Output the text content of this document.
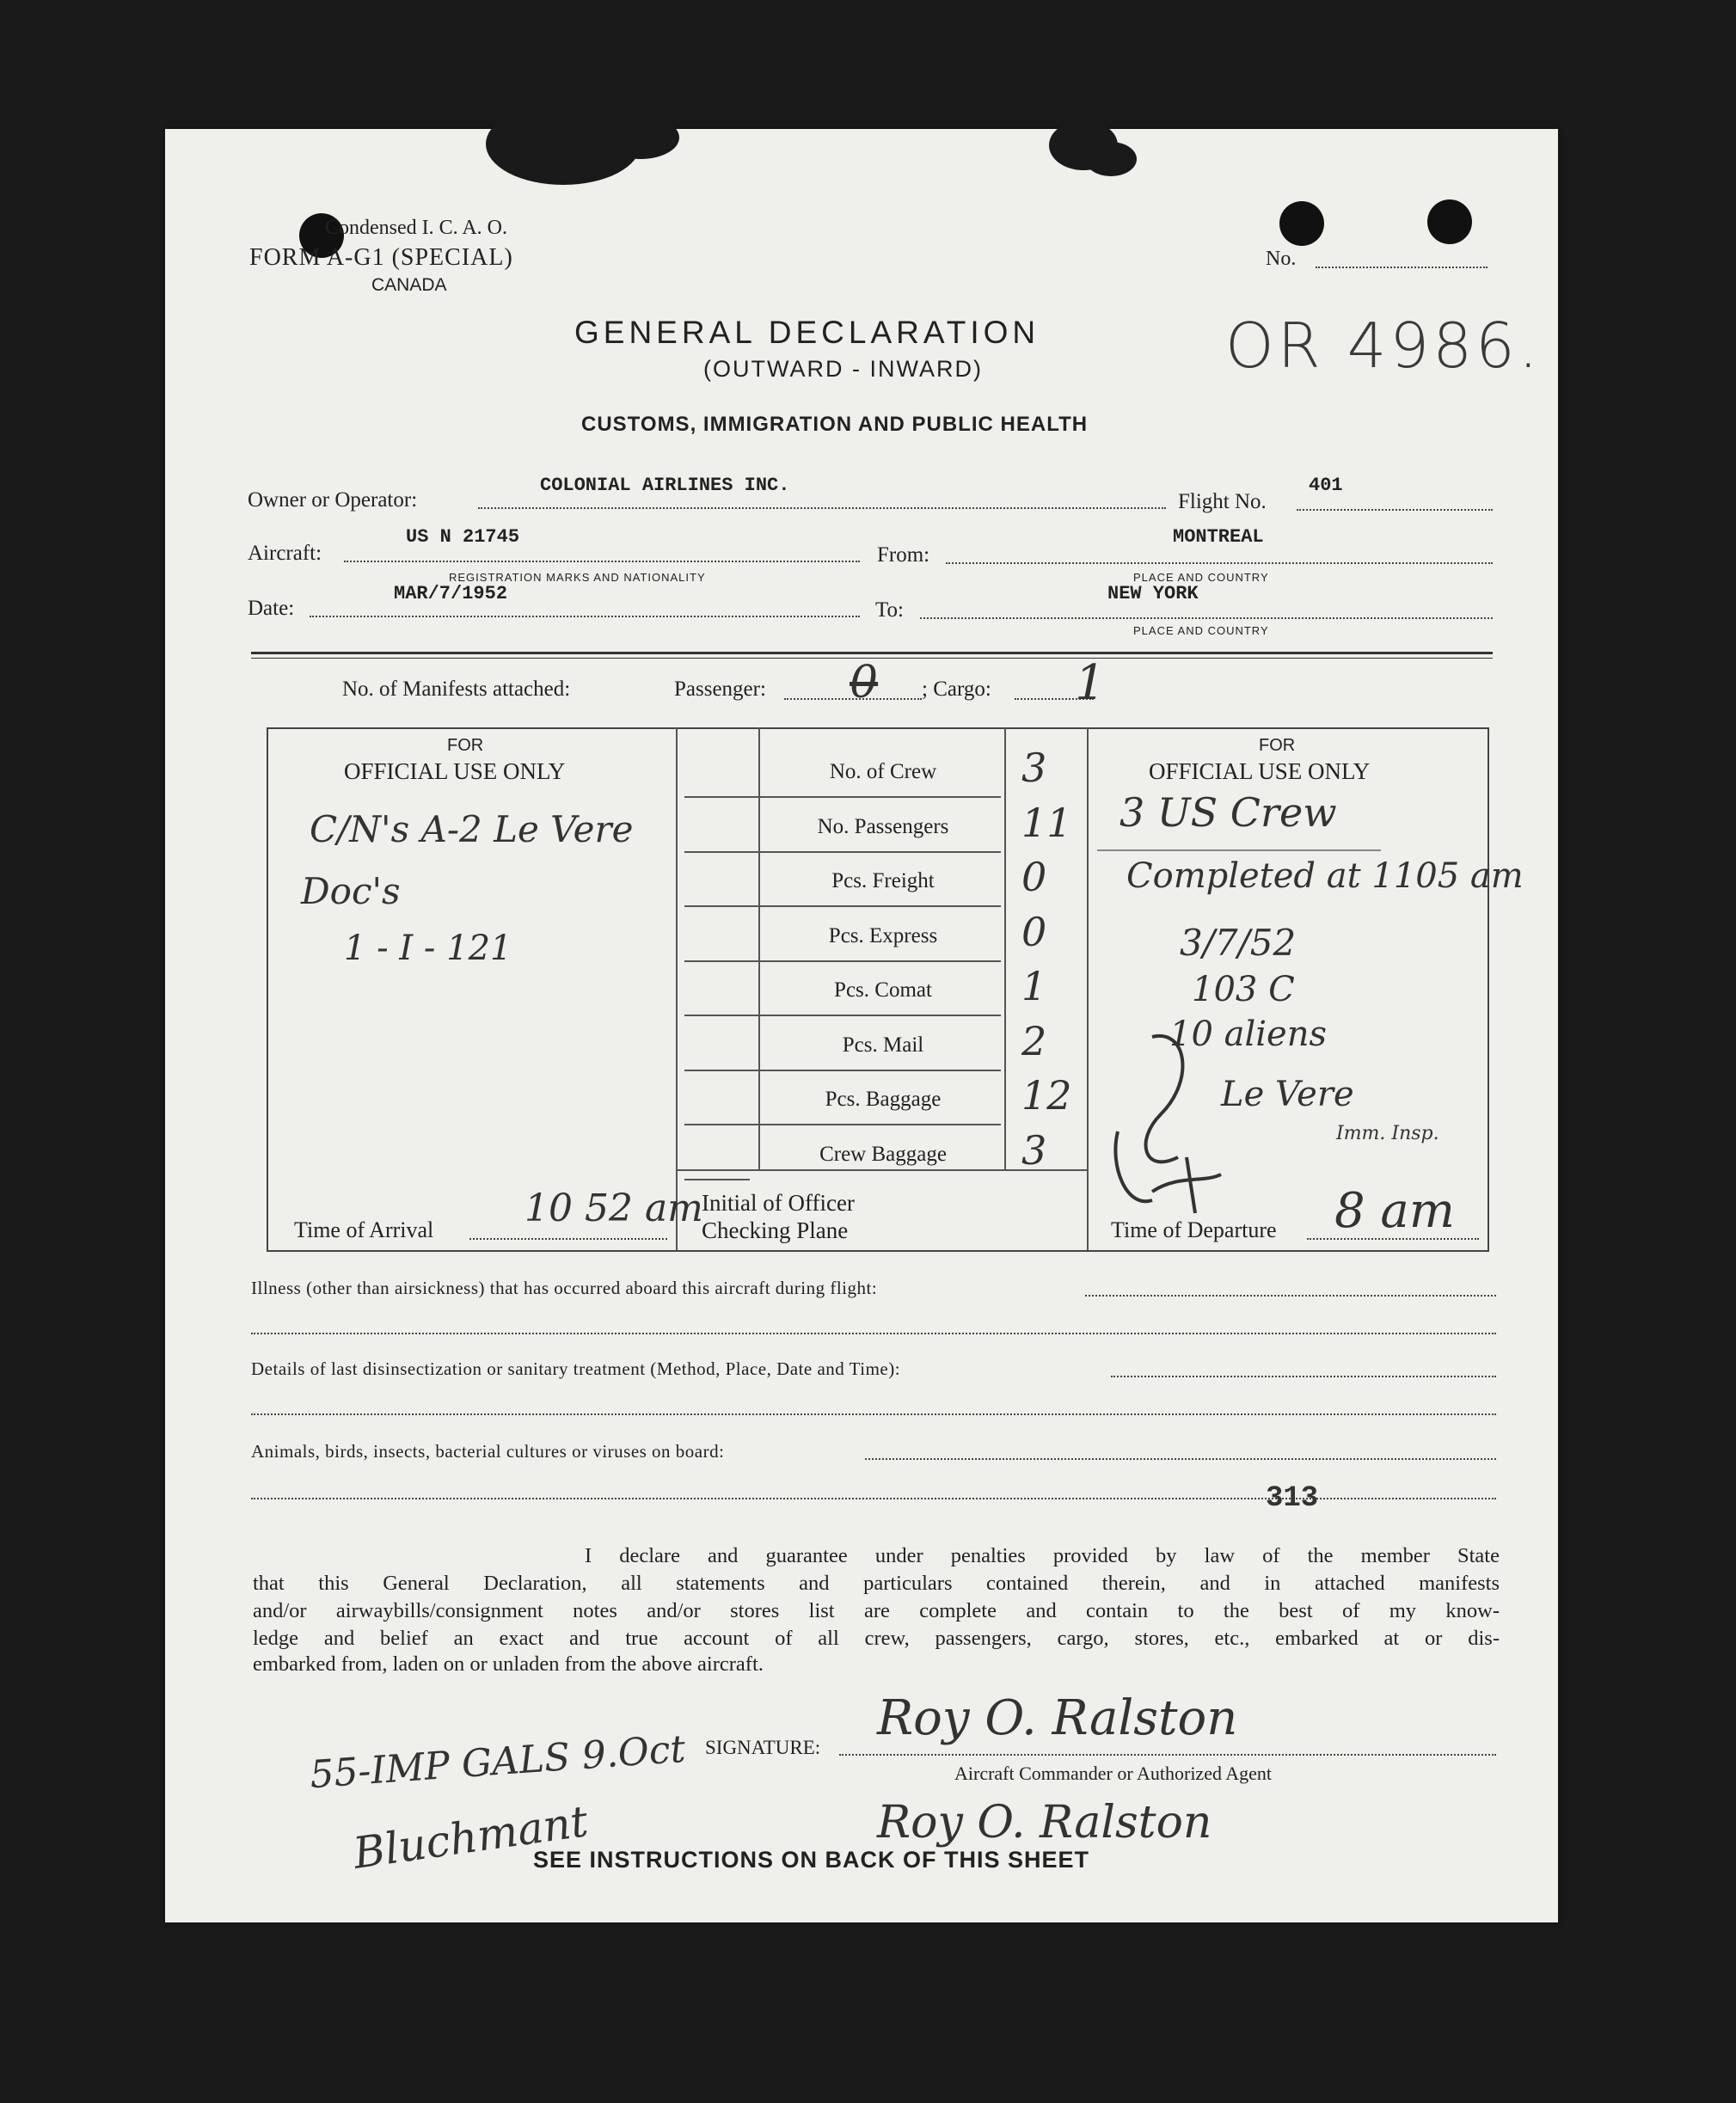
Condensed I. C. A. O.
FORM A-G1 (SPECIAL)
CANADA
No.
GENERAL DECLARATION
(OUTWARD - INWARD)	OR 4986.
CUSTOMS, IMMIGRATION AND PUBLIC HEALTH
Owner or Operator:
COLONIAL AIRLINES INC.
Flight No.
401
Aircraft:
US N 21745
REGISTRATION MARKS AND NATIONALITY
From:
MONTREAL
PLACE AND COUNTRY
Date:
MAR/7/1952
To:
NEW YORK
PLACE AND COUNTRY
No. of Manifests attached:	Passenger: 0 ; Cargo: 1
FOR
OFFICIAL USE ONLY
C/N's A-2 Le Vere
Doc's
1 - I - 121
Time of Arrival 10 52 am
No. of Crew	3
No. Passengers	11
Pcs. Freight	0
Pcs. Express	0
Pcs. Comat	1
Pcs. Mail	2
Pcs. Baggage	12
Crew Baggage	3
Initial of Officer
Checking Plane
FOR
OFFICIAL USE ONLY
3 US Crew
Completed at 1105 am
3/7/52
103 C
10 aliens
Le Vere
Imm. Insp.
Time of Departure 8 am
Illness (other than airsickness) that has occurred aboard this aircraft during flight:
Details of last disinsectization or sanitary treatment (Method, Place, Date and Time):
Animals, birds, insects, bacterial cultures or viruses on board:
313
I declare and guarantee under penalties provided by law of the member State
that this General Declaration, all statements and particulars contained therein, and in attached manifests
and/or airwaybills/consignment notes and/or stores list are complete and contain to the best of my know-
ledge and belief an exact and true account of all crew, passengers, cargo, stores, etc., embarked at or dis-
embarked from, laden on or unladen from the above aircraft.
SIGNATURE:
Roy O. Ralston
Aircraft Commander or Authorized Agent
Roy O. Ralston
55-IMP GALS 9.Oct
Bluchmant
SEE INSTRUCTIONS ON BACK OF THIS SHEET
